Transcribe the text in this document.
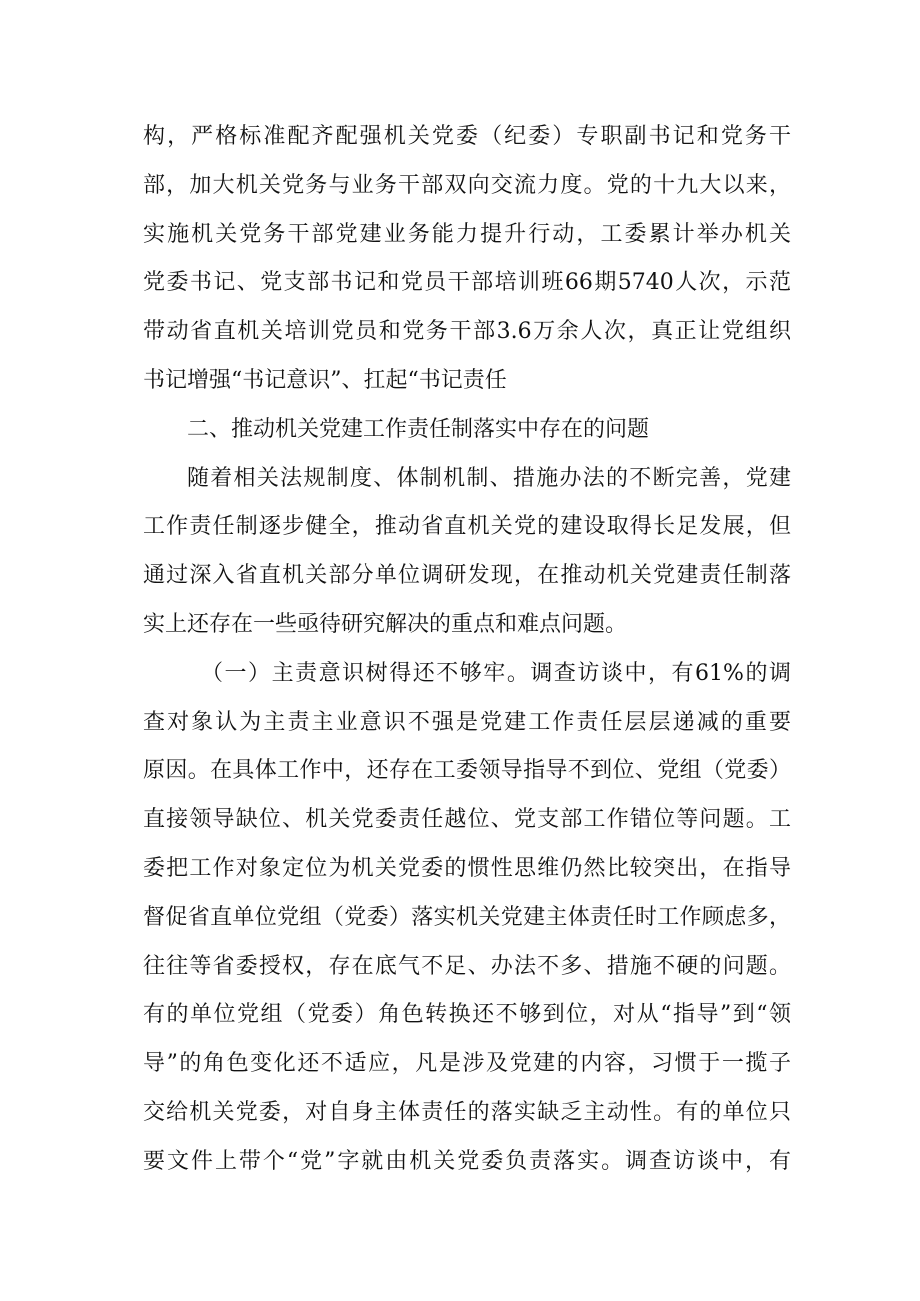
构，严格标准配齐配强机关党委（纪委）专职副书记和党务干
部，加大机关党务与业务干部双向交流力度。党的十九大以来，
实施机关党务干部党建业务能力提升行动，工委累计举办机关
党委书记、党支部书记和党员干部培训班66期5740人次，示范
带动省直机关培训党员和党务干部3.6万余人次，真正让党组织
书记增强“书记意识”、扛起“书记责任
二、推动机关党建工作责任制落实中存在的问题
随着相关法规制度、体制机制、措施办法的不断完善，党建
工作责任制逐步健全，推动省直机关党的建设取得长足发展，但
通过深入省直机关部分单位调研发现，在推动机关党建责任制落
实上还存在一些亟待研究解决的重点和难点问题。
（一）主责意识树得还不够牢。调查访谈中，有61%的调
查对象认为主责主业意识不强是党建工作责任层层递减的重要
原因。在具体工作中，还存在工委领导指导不到位、党组（党委）
直接领导缺位、机关党委责任越位、党支部工作错位等问题。工
委把工作对象定位为机关党委的惯性思维仍然比较突出，在指导
督促省直单位党组（党委）落实机关党建主体责任时工作顾虑多，
往往等省委授权，存在底气不足、办法不多、措施不硬的问题。
有的单位党组（党委）角色转换还不够到位，对从“指导”到“领
导”的角色变化还不适应，凡是涉及党建的内容，习惯于一揽子
交给机关党委，对自身主体责任的落实缺乏主动性。有的单位只
要文件上带个“党”字就由机关党委负责落实。调查访谈中，有
